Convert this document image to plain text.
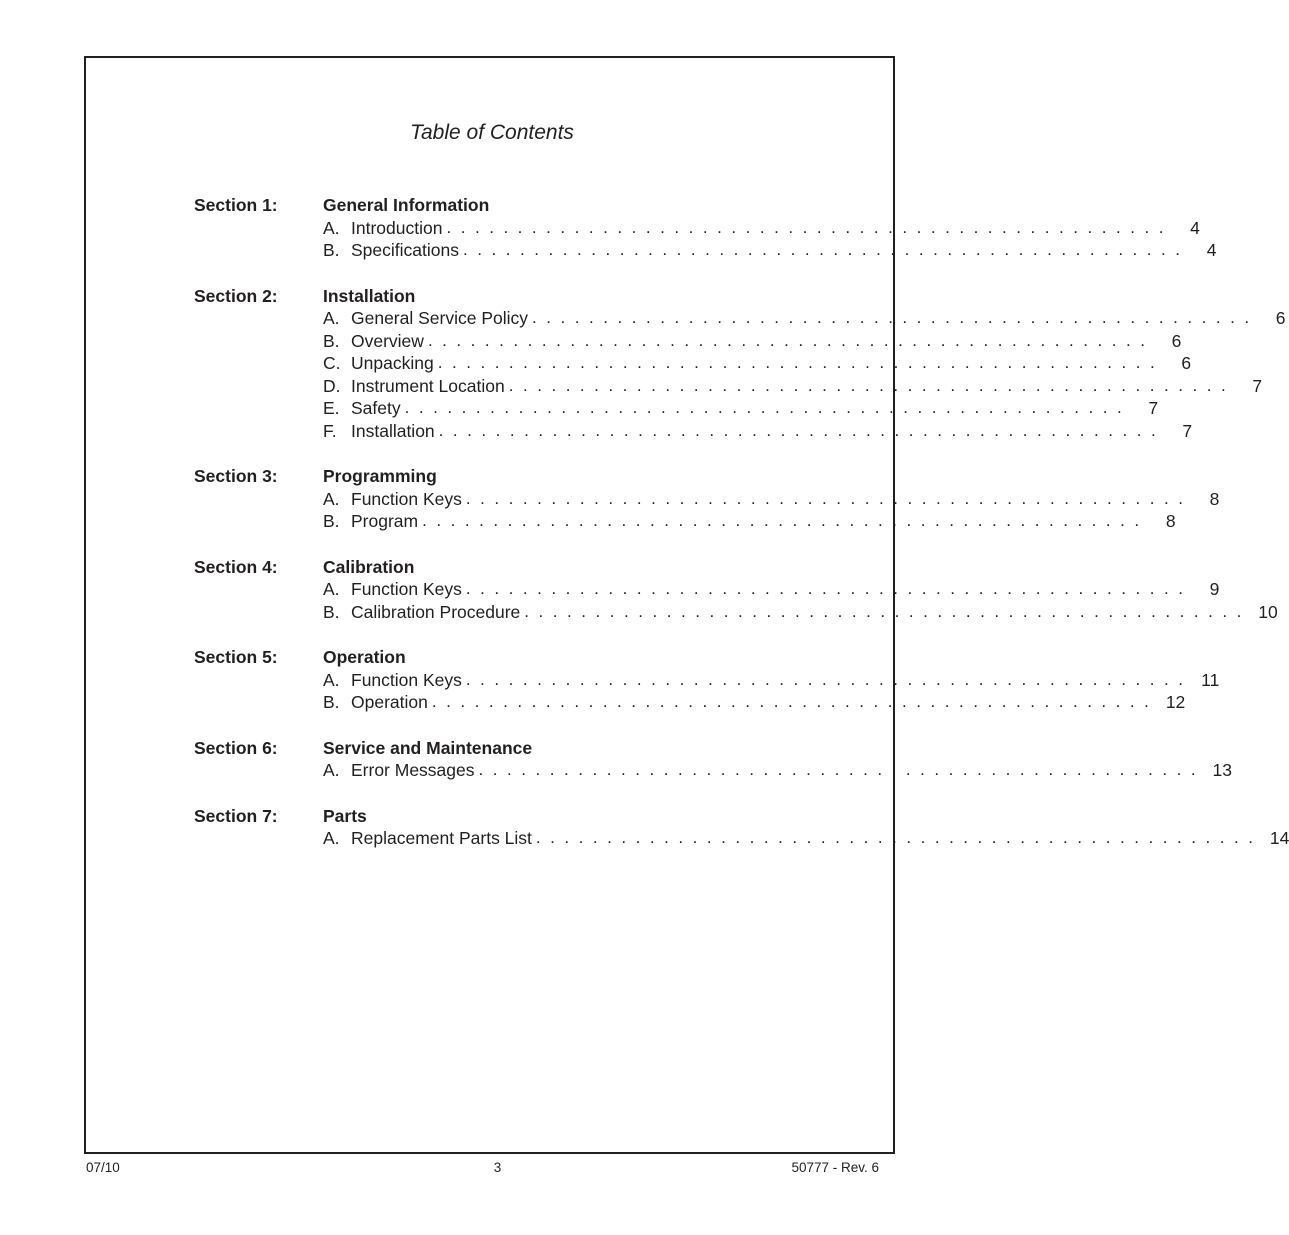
Table of Contents
Section 1:	General Information
A. Introduction . . . . . . . . . . . . . . . . . . . . . . . . . . . . . . . . . . . . . . . . . . . . . . . . . . .	4
B. Specifications . . . . . . . . . . . . . . . . . . . . . . . . . . . . . . . . . . . . . . . . . . . . . . . . . . .	4
Section 2:	Installation
A. General Service Policy . . . . . . . . . . . . . . . . . . . . . . . . . . . . . . . . . . . . . . . . . . . . . . . . . . .	6
B. Overview . . . . . . . . . . . . . . . . . . . . . . . . . . . . . . . . . . . . . . . . . . . . . . . . . . .	6
C. Unpacking . . . . . . . . . . . . . . . . . . . . . . . . . . . . . . . . . . . . . . . . . . . . . . . . . . .	6
D. Instrument Location . . . . . . . . . . . . . . . . . . . . . . . . . . . . . . . . . . . . . . . . . . . . . . . . . . .	7
E. Safety . . . . . . . . . . . . . . . . . . . . . . . . . . . . . . . . . . . . . . . . . . . . . . . . . . .	7
F. Installation . . . . . . . . . . . . . . . . . . . . . . . . . . . . . . . . . . . . . . . . . . . . . . . . . . .	7
Section 3:	Programming
A. Function Keys . . . . . . . . . . . . . . . . . . . . . . . . . . . . . . . . . . . . . . . . . . . . . . . . . . .	8
B. Program . . . . . . . . . . . . . . . . . . . . . . . . . . . . . . . . . . . . . . . . . . . . . . . . . . .	8
Section 4:	Calibration
A. Function Keys . . . . . . . . . . . . . . . . . . . . . . . . . . . . . . . . . . . . . . . . . . . . . . . . . . .	9
B. Calibration Procedure . . . . . . . . . . . . . . . . . . . . . . . . . . . . . . . . . . . . . . . . . . . . . . . . . . . 10
Section 5:	Operation
A. Function Keys . . . . . . . . . . . . . . . . . . . . . . . . . . . . . . . . . . . . . . . . . . . . . . . . . . . 11
B. Operation . . . . . . . . . . . . . . . . . . . . . . . . . . . . . . . . . . . . . . . . . . . . . . . . . . . 12
Section 6:	Service and Maintenance
A. Error Messages . . . . . . . . . . . . . . . . . . . . . . . . . . . . . . . . . . . . . . . . . . . . . . . . . . . 13
Section 7:	Parts
A. Replacement Parts List . . . . . . . . . . . . . . . . . . . . . . . . . . . . . . . . . . . . . . . . . . . . . . . . . . . 14
07/10	3	50777 - Rev. 6
